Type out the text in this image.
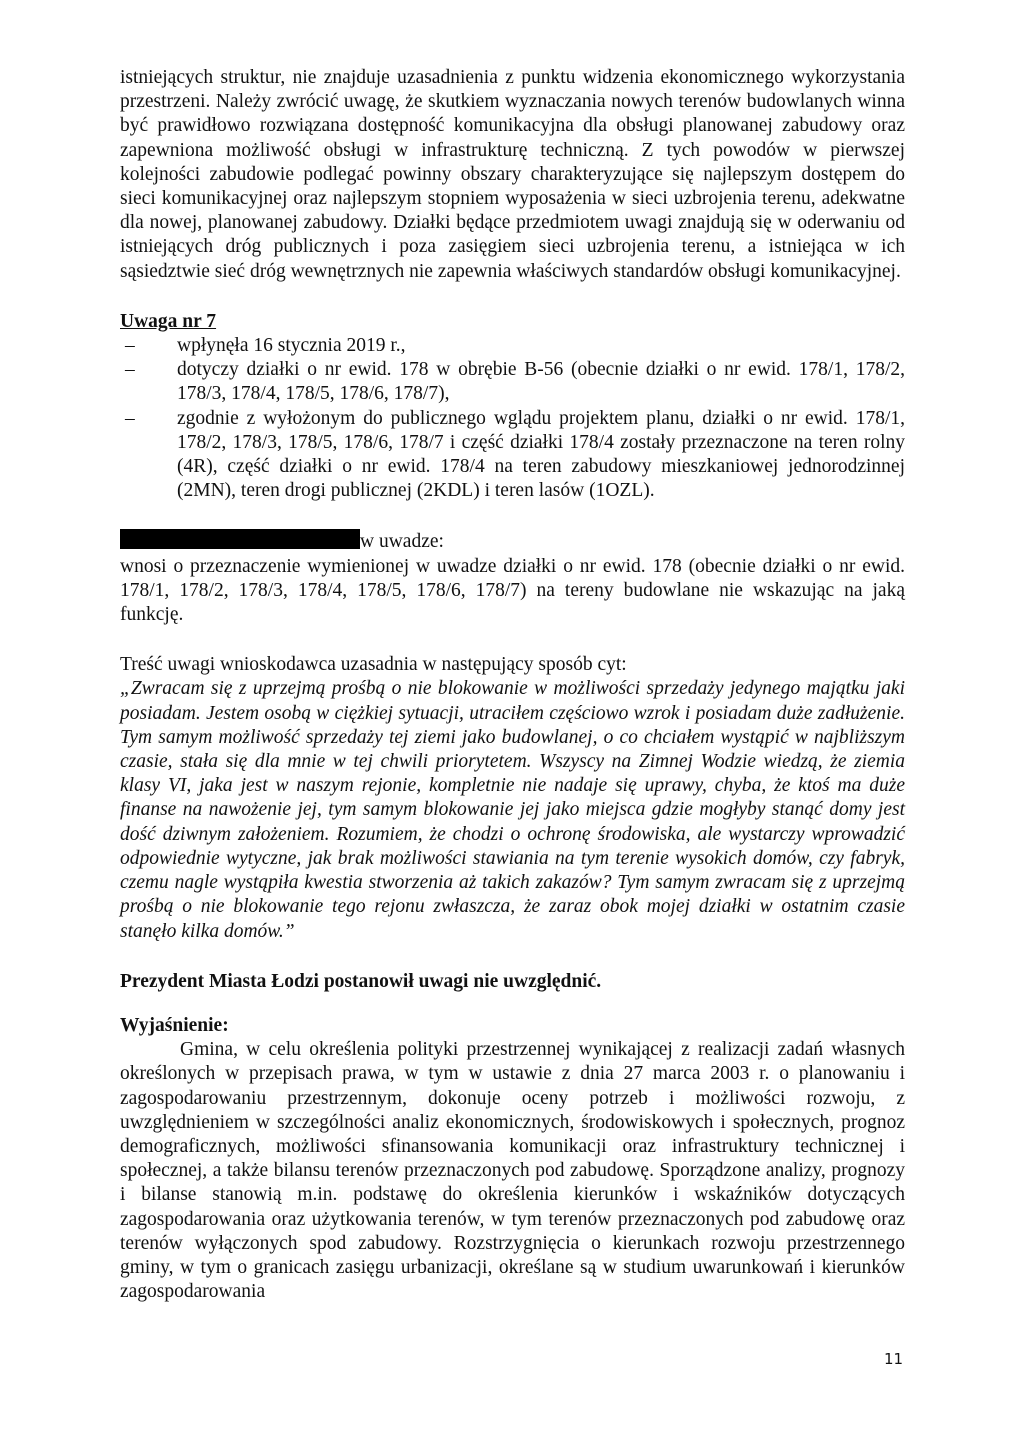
istniejących struktur, nie znajduje uzasadnienia z punktu widzenia ekonomicznego wykorzystania przestrzeni. Należy zwrócić uwagę, że skutkiem wyznaczania nowych terenów budowlanych winna być prawidłowo rozwiązana dostępność komunikacyjna dla obsługi planowanej zabudowy oraz zapewniona możliwość obsługi w infrastrukturę techniczną. Z tych powodów w pierwszej kolejności zabudowie podlegać powinny obszary charakteryzujące się najlepszym dostępem do sieci komunikacyjnej oraz najlepszym stopniem wyposażenia w sieci uzbrojenia terenu, adekwatne dla nowej, planowanej zabudowy. Działki będące przedmiotem uwagi znajdują się w oderwaniu od istniejących dróg publicznych i poza zasięgiem sieci uzbrojenia terenu, a istniejąca w ich sąsiedztwie sieć dróg wewnętrznych nie zapewnia właściwych standardów obsługi komunikacyjnej.

Uwaga nr 7

– wpłynęła 16 stycznia 2019 r.,
– dotyczy działki o nr ewid. 178 w obrębie B-56 (obecnie działki o nr ewid. 178/1, 178/2, 178/3, 178/4, 178/5, 178/6, 178/7),
– zgodnie z wyłożonym do publicznego wglądu projektem planu, działki o nr ewid. 178/1, 178/2, 178/3, 178/5, 178/6, 178/7 i część działki 178/4 zostały przeznaczone na teren rolny (4R), część działki o nr ewid. 178/4 na teren zabudowy mieszkaniowej jednorodzinnej (2MN), teren drogi publicznej (2KDL) i teren lasów (1OZL).

w uwadze:

wnosi o przeznaczenie wymienionej w uwadze działki o nr ewid. 178 (obecnie działki o nr ewid. 178/1, 178/2, 178/3, 178/4, 178/5, 178/6, 178/7) na tereny budowlane nie wskazując na jaką funkcję.

Treść uwagi wnioskodawca uzasadnia w następujący sposób cyt:

„Zwracam się z uprzejmą prośbą o nie blokowanie w możliwości sprzedaży jedynego majątku jaki posiadam. Jestem osobą w ciężkiej sytuacji, utraciłem częściowo wzrok i posiadam duże zadłużenie. Tym samym możliwość sprzedaży tej ziemi jako budowlanej, o co chciałem wystąpić w najbliższym czasie, stała się dla mnie w tej chwili priorytetem. Wszyscy na Zimnej Wodzie wiedzą, że ziemia klasy VI, jaka jest w naszym rejonie, kompletnie nie nadaje się uprawy, chyba, że ktoś ma duże finanse na nawożenie jej, tym samym blokowanie jej jako miejsca gdzie mogłyby stanąć domy jest dość dziwnym założeniem. Rozumiem, że chodzi o ochronę środowiska, ale wystarczy wprowadzić odpowiednie wytyczne, jak brak możliwości stawiania na tym terenie wysokich domów, czy fabryk, czemu nagle wystąpiła kwestia stworzenia aż takich zakazów? Tym samym zwracam się z uprzejmą prośbą o nie blokowanie tego rejonu zwłaszcza, że zaraz obok mojej działki w ostatnim czasie stanęło kilka domów.”

Prezydent Miasta Łodzi postanowił uwagi nie uwzględnić.

Wyjaśnienie:

Gmina, w celu określenia polityki przestrzennej wynikającej z realizacji zadań własnych określonych w przepisach prawa, w tym w ustawie z dnia 27 marca 2003 r. o planowaniu i zagospodarowaniu przestrzennym, dokonuje oceny potrzeb i możliwości rozwoju, z uwzględnieniem w szczególności analiz ekonomicznych, środowiskowych i społecznych, prognoz demograficznych, możliwości sfinansowania komunikacji oraz infrastruktury technicznej i społecznej, a także bilansu terenów przeznaczonych pod zabudowę. Sporządzone analizy, prognozy i bilanse stanowią m.in. podstawę do określenia kierunków i wskaźników dotyczących zagospodarowania oraz użytkowania terenów, w tym terenów przeznaczonych pod zabudowę oraz terenów wyłączonych spod zabudowy. Rozstrzygnięcia o kierunkach rozwoju przestrzennego gminy, w tym o granicach zasięgu urbanizacji, określane są w studium uwarunkowań i kierunków zagospodarowania

11
